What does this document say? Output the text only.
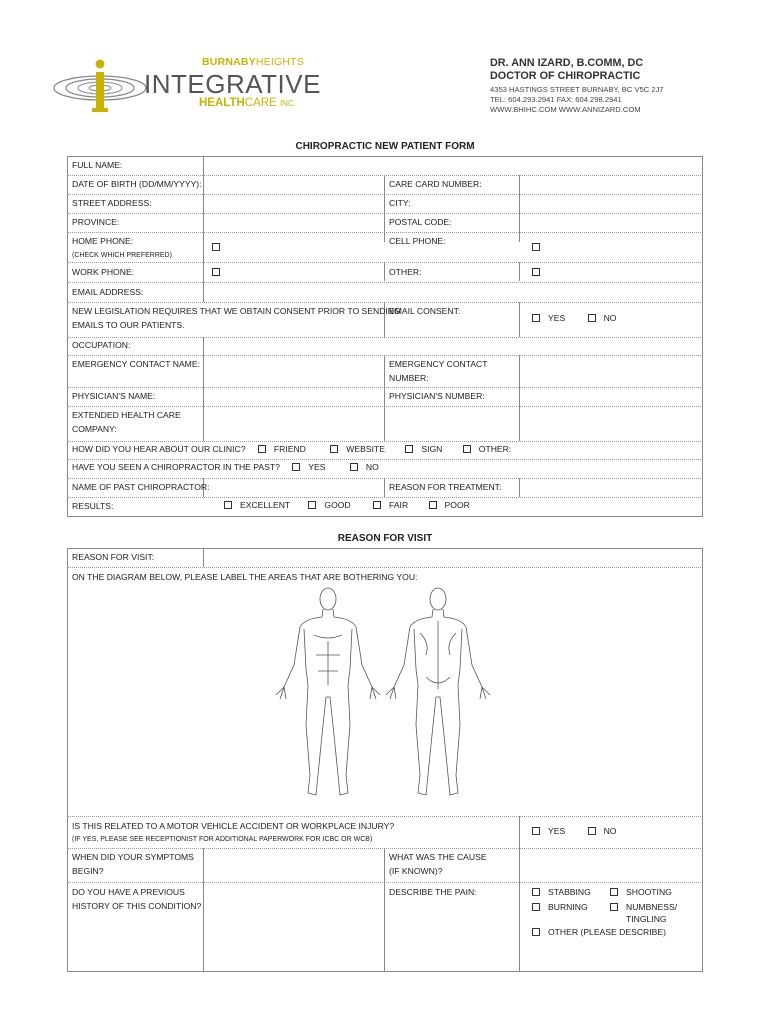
BURNABYHEIGHTS
INTEGRATIVE
HEALTHCARE INC.
DR. ANN IZARD, B.COMM, DC
DOCTOR OF CHIROPRACTIC
4353 HASTINGS STREET BURNABY, BC V5C 2J7
TEL: 604.293.2941 FAX: 604.298.2941
WWW.BHIHC.COM WWW.ANNIZARD.COM
CHIROPRACTIC NEW PATIENT FORM
FULL NAME:
DATE OF BIRTH (DD/MM/YYYY):	CARE CARD NUMBER:
STREET ADDRESS:	CITY:
PROVINCE:	POSTAL CODE:
HOME PHONE:
(CHECK WHICH PREFERRED)
CELL PHONE:
WORK PHONE:	OTHER:
EMAIL ADDRESS:
NEW LEGISLATION REQUIRES THAT WE OBTAIN CONSENT PRIOR TO SENDING
EMAILS TO OUR PATIENTS.
EMAIL CONSENT:
YES	NO
OCCUPATION:
EMERGENCY CONTACT NAME:	EMERGENCY CONTACT
NUMBER:
PHYSICIAN'S NAME:	PHYSICIAN'S NUMBER:
EXTENDED HEALTH CARE
COMPANY:
HOW DID YOU HEAR ABOUT OUR CLINIC?	FRIEND	WEBSITE	SIGN	OTHER:
HAVE YOU SEEN A CHIROPRACTOR IN THE PAST?	YES	NO
NAME OF PAST CHIROPRACTOR:	REASON FOR TREATMENT:
RESULTS:	EXCELLENT	GOOD	FAIR	POOR
REASON FOR VISIT
REASON FOR VISIT:
ON THE DIAGRAM BELOW, PLEASE LABEL THE AREAS THAT ARE BOTHERING YOU:
IS THIS RELATED TO A MOTOR VEHICLE ACCIDENT OR WORKPLACE INJURY?
(IF YES, PLEASE SEE RECEPTIONIST FOR ADDITIONAL PAPERWORK FOR ICBC OR WCB)
YES	NO
WHEN DID YOUR SYMPTOMS
BEGIN?
WHAT WAS THE CAUSE
(IF KNOWN)?
DO YOU HAVE A PREVIOUS
HISTORY OF THIS CONDITION?
DESCRIBE THE PAIN:	STABBING	SHOOTING
BURNING	NUMBNESS/
TINGLING
OTHER (PLEASE DESCRIBE)
